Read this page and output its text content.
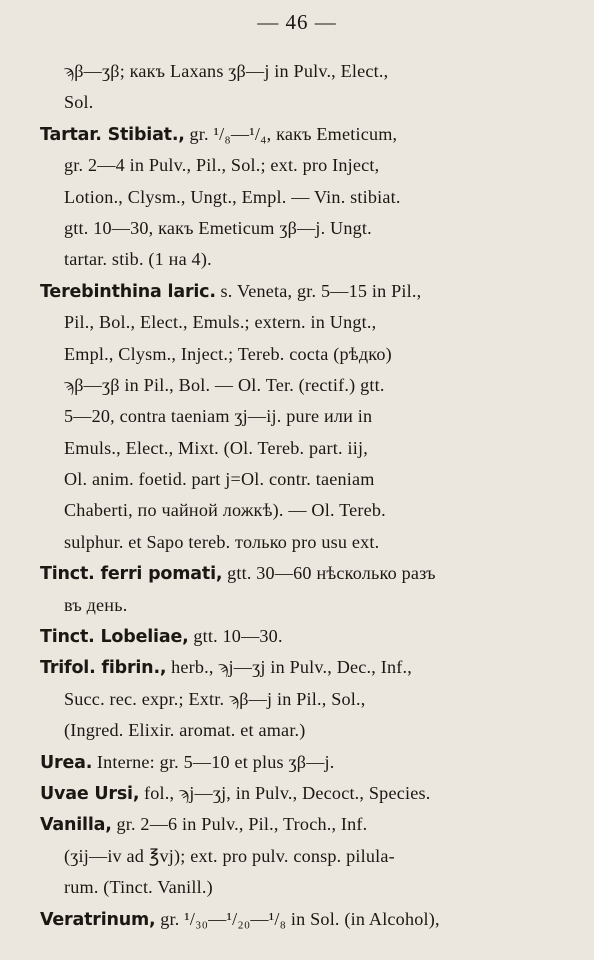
— 46 —
ϡβ—ʒβ; какъ Laxans ʒβ—j in Pulv., Elect.,
Sol.
Tartar. Stibiat., gr. ¹/₈—¹/₄, какъ Emeticum,
gr. 2—4 in Pulv., Pil., Sol.; ext. pro Inject,
Lotion., Clysm., Ungt., Empl. — Vin. stibiat.
gtt. 10—30, какъ Emeticum ʒβ—j. Ungt.
tartar. stib. (1 на 4).
Terebinthina laric. s. Veneta, gr. 5—15 in Pil.,
Pil., Bol., Elect., Emuls.; extern. in Ungt.,
Empl., Clysm., Inject.; Tereb. cocta (рѣдко)
ϡβ—ʒβ in Pil., Bol. — Ol. Ter. (rectif.) gtt.
5—20, contra taeniam ʒj—ij. pure или in
Emuls., Elect., Mixt. (Ol. Tereb. part. iij,
Ol. anim. foetid. part j=Ol. contr. taeniam
Chaberti, по чайной ложкѣ). — Ol. Tereb.
sulphur. et Sapo tereb. только pro usu ext.
Tinct. ferri pomati, gtt. 30—60 нѣсколько разъ
въ день.
Tinct. Lobeliae, gtt. 10—30.
Trifol. fibrin., herb., ϡj—ʒj in Pulv., Dec., Inf.,
Succ. rec. expr.; Extr. ϡβ—j in Pil., Sol.,
(Ingred. Elixir. aromat. et amar.)
Urea. Interne: gr. 5—10 et plus ʒβ—j.
Uvae Ursi, fol., ϡj—ʒj, in Pulv., Decoct., Species.
Vanilla, gr. 2—6 in Pulv., Pil., Troch., Inf.
(ʒij—iv ad ℥vj); ext. pro pulv. consp. pilula-
rum. (Tinct. Vanill.)
Veratrinum, gr. ¹/₃₀—¹/₂₀—¹/₈ in Sol. (in Alcohol),
